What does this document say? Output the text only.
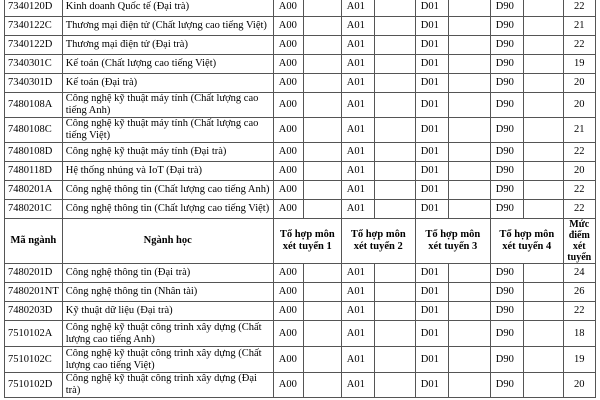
7340120D	Kinh doanh Quốc tế (Đại trà)	A00		A01		D01		D90		22
7340122C	Thương mại điện tử (Chất lượng cao tiếng Việt)	A00		A01		D01		D90		21
7340122D	Thương mại điện tử (Đại trà)	A00		A01		D01		D90		22
7340301C	Kế toán (Chất lượng cao tiếng Việt)	A00		A01		D01		D90		19
7340301D	Kế toán (Đại trà)	A00		A01		D01		D90		20
7480108A	Công nghệ kỹ thuật máy tính (Chất lượng cao tiếng Anh)	A00		A01		D01		D90		20
7480108C	Công nghệ kỹ thuật máy tính (Chất lượng cao tiếng Việt)	A00		A01		D01		D90		21
7480108D	Công nghệ kỹ thuật máy tính (Đại trà)	A00		A01		D01		D90		22
7480118D	Hệ thống nhúng và IoT (Đại trà)	A00		A01		D01		D90		20
7480201A	Công nghệ thông tin (Chất lượng cao tiếng Anh)	A00		A01		D01		D90		22
7480201C	Công nghệ thông tin (Chất lượng cao tiếng Việt)	A00		A01		D01		D90		22
Mã ngành	Ngành học	Tổ hợp môn xét tuyển 1		Tổ hợp môn xét tuyển 2		Tổ hợp môn xét tuyển 3		Tổ hợp môn xét tuyển 4		Mức điểm xét tuyển
7480201D	Công nghệ thông tin (Đại trà)	A00		A01		D01		D90		24
7480201NT	Công nghệ thông tin (Nhân tài)	A00		A01		D01		D90		26
7480203D	Kỹ thuật dữ liệu (Đại trà)	A00		A01		D01		D90		22
7510102A	Công nghệ kỹ thuật công trình xây dựng (Chất lượng cao tiếng Anh)	A00		A01		D01		D90		18
7510102C	Công nghệ kỹ thuật công trình xây dựng (Chất lượng cao tiếng Việt)	A00		A01		D01		D90		19
7510102D	Công nghệ kỹ thuật công trình xây dựng (Đại trà)	A00		A01		D01		D90		20
